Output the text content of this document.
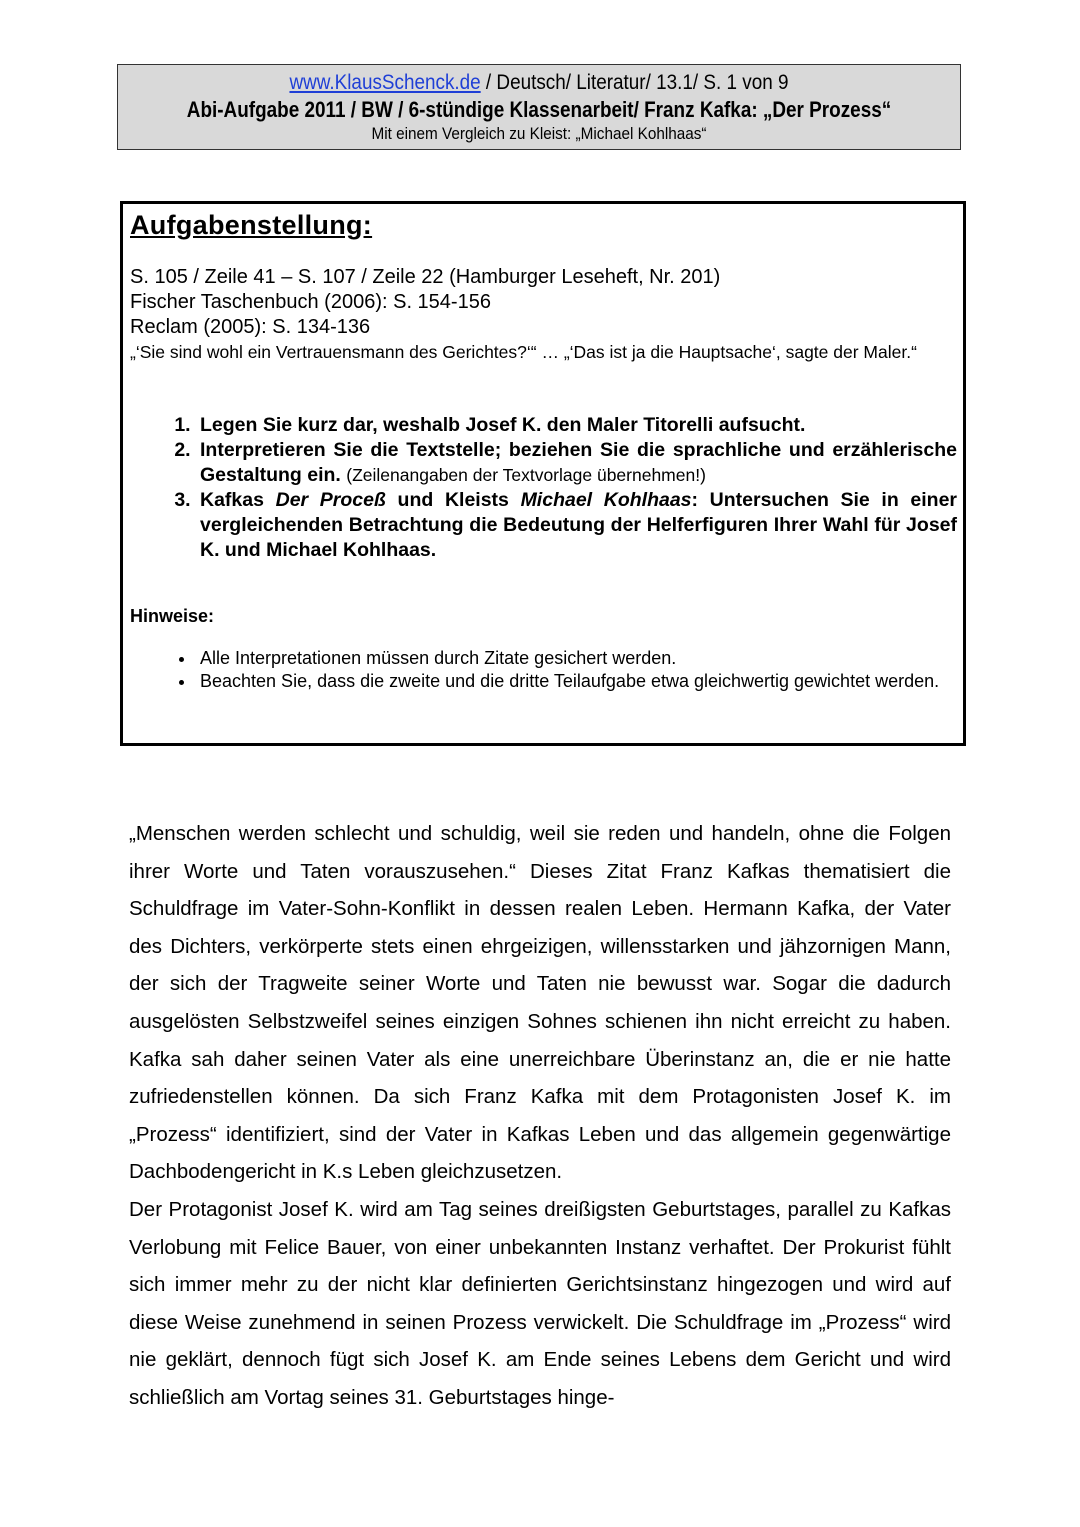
www.KlausSchenck.de / Deutsch/ Literatur/ 13.1/ S. 1 von 9
Abi-Aufgabe 2011 / BW / 6-stündige Klassenarbeit/ Franz Kafka: „Der Prozess“
Mit einem Vergleich zu Kleist: „Michael Kohlhaas“
Aufgabenstellung:
S. 105 / Zeile 41 – S. 107 / Zeile 22 (Hamburger Leseheft, Nr. 201)
Fischer Taschenbuch (2006): S. 154-156
Reclam (2005): S. 134-136
„‘Sie sind wohl ein Vertrauensmann des Gerichtes?‘“ … „‘Das ist ja die Hauptsache‘, sagte der Maler.“
1. Legen Sie kurz dar, weshalb Josef K. den Maler Titorelli aufsucht.
2. Interpretieren Sie die Textstelle; beziehen Sie die sprachliche und erzählerische Gestaltung ein. (Zeilenangaben der Textvorlage übernehmen!)
3. Kafkas Der Proceß und Kleists Michael Kohlhaas: Untersuchen Sie in einer vergleichenden Betrachtung die Bedeutung der Helferfiguren Ihrer Wahl für Josef K. und Michael Kohlhaas.
Hinweise:
• Alle Interpretationen müssen durch Zitate gesichert werden.
• Beachten Sie, dass die zweite und die dritte Teilaufgabe etwa gleichwertig gewichtet werden.

„Menschen werden schlecht und schuldig, weil sie reden und handeln, ohne die Folgen ihrer Worte und Taten vorauszusehen.“ Dieses Zitat Franz Kafkas thematisiert die Schuldfrage im Vater-Sohn-Konflikt in dessen realen Leben. Hermann Kafka, der Vater des Dichters, verkörperte stets einen ehrgeizigen, willensstarken und jähzornigen Mann, der sich der Tragweite seiner Worte und Taten nie bewusst war. Sogar die dadurch ausgelösten Selbstzweifel seines einzigen Sohnes schienen ihn nicht erreicht zu haben. Kafka sah daher seinen Vater als eine unerreichbare Überinstanz an, die er nie hatte zufriedenstellen können. Da sich Franz Kafka mit dem Protagonisten Josef K. im „Prozess“ identifiziert, sind der Vater in Kafkas Leben und das allgemein gegenwärtige Dachbodengericht in K.s Leben gleichzusetzen.

Der Protagonist Josef K. wird am Tag seines dreißigsten Geburtstages, parallel zu Kafkas Verlobung mit Felice Bauer, von einer unbekannten Instanz verhaftet. Der Prokurist fühlt sich immer mehr zu der nicht klar definierten Gerichtsinstanz hingezogen und wird auf diese Weise zunehmend in seinen Prozess verwickelt. Die Schuldfrage im „Prozess“ wird nie geklärt, dennoch fügt sich Josef K. am Ende seines Lebens dem Gericht und wird schließlich am Vortag seines 31. Geburtstages hinge-
